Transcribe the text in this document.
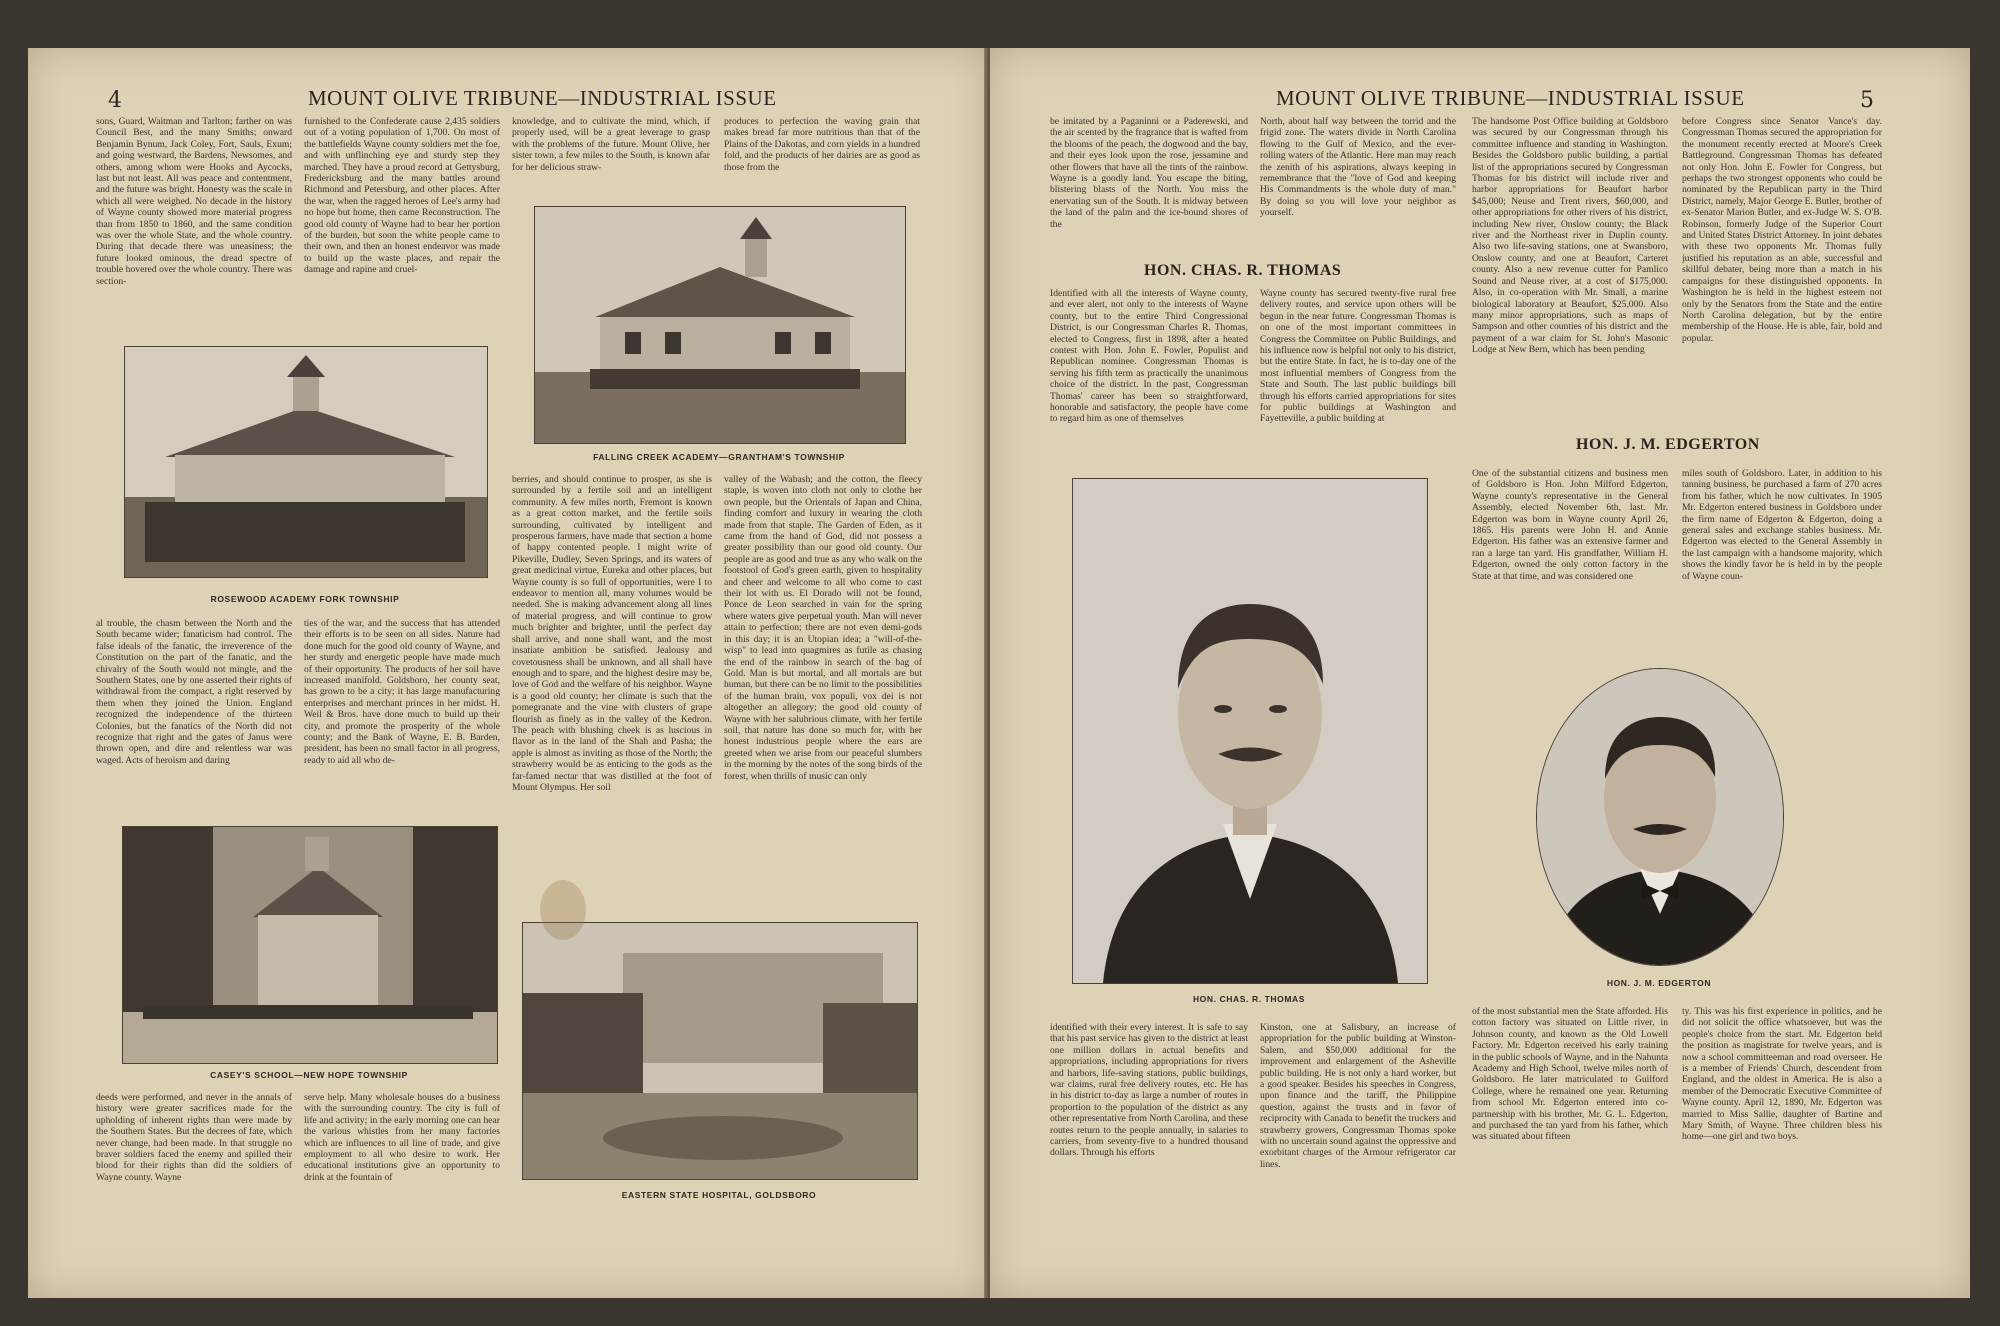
4	MOUNT OLIVE TRIBUNE—INDUSTRIAL ISSUE
sons, Guard, Waitman and Tarlton; farther on was Council Best, and the many Smiths; onward Benjamin Bynum, Jack Coley, Fort, Sauls, Exum; and going westward, the Bardens, Newsomes, and others, among whom were Hooks and Aycocks, last but not least. All was peace and contentment, and the future was bright. Honesty was the scale in which all were weighed. No decade in the history of Wayne county showed more material progress than from 1850 to 1860, and the same condition was over the whole State, and the whole country. During that decade there was uneasiness; the future looked ominous, the dread spectre of trouble hovered over the whole country. There was section-
furnished to the Confederate cause 2,435 soldiers out of a voting population of 1,700. On most of the battlefields Wayne county soldiers met the foe, and with unflinching eye and sturdy step they marched. They have a proud record at Gettysburg, Fredericksburg and the many battles around Richmond and Petersburg, and other places. After the war, when the ragged heroes of Lee's army had no hope but home, then came Reconstruction. The good old county of Wayne had to bear her portion of the burden, but soon the white people came to their own, and then an honest endeavor was made to build up the waste places, and repair the damage and rapine and cruel-
knowledge, and to cultivate the mind, which, if properly used, will be a great leverage to grasp with the problems of the future. Mount Olive, her sister town, a few miles to the South, is known afar for her delicious straw-
produces to perfection the waving grain that makes bread far more nutritious than that of the Plains of the Dakotas, and corn yields in a hundred fold, and the products of her dairies are as good as those from the
FALLING CREEK ACADEMY—GRANTHAM'S TOWNSHIP
ROSEWOOD ACADEMY FORK TOWNSHIP
al trouble, the chasm between the North and the South became wider; fanaticism had control. The false ideals of the fanatic, the irreverence of the Constitution on the part of the fanatic, and the chivalry of the South would not mingle, and the Southern States, one by one asserted their rights of withdrawal from the compact, a right reserved by them when they joined the Union. England recognized the independence of the thirteen Colonies, but the fanatics of the North did not recognize that right and the gates of Janus were thrown open, and dire and relentless war was waged. Acts of heroism and daring
ties of the war, and the success that has attended their efforts is to be seen on all sides. Nature had done much for the good old county of Wayne, and her sturdy and energetic people have made much of their opportunity. The products of her soil have increased manifold. Goldsboro, her county seat, has grown to be a city; it has large manufacturing enterprises and merchant princes in her midst. H. Weil & Bros. have done much to build up their city, and promote the prosperity of the whole county; and the Bank of Wayne, E. B. Barden, president, has been no small factor in all progress, ready to aid all who de-
berries, and should continue to prosper, as she is surrounded by a fertile soil and an intelligent community. A few miles north, Fremont is known as a great cotton market, and the fertile soils surrounding, cultivated by intelligent and prosperous farmers, have made that section a home of happy contented people. I might write of Pikeville, Dudley, Seven Springs, and its waters of great medicinal virtue, Eureka and other places, but Wayne county is so full of opportunities, were I to endeavor to mention all, many volumes would be needed. She is making advancement along all lines of material progress, and will continue to grow much brighter and brighter, until the perfect day shall arrive, and none shall want, and the most insatiate ambition be satisfied. Jealousy and covetousness shall be unknown, and all shall have enough and to spare, and the highest desire may be, love of God and the welfare of his neighbor. Wayne is a good old county; her climate is such that the pomegranate and the vine with clusters of grape flourish as finely as in the valley of the Kedron. The peach with blushing cheek is as luscious in flavor as in the land of the Shah and Pasha; the apple is almost as inviting as those of the North; the strawberry would be as enticing to the gods as the far-famed nectar that was distilled at the foot of Mount Olympus. Her soil
valley of the Wabash; and the cotton, the fleecy staple, is woven into cloth not only to clothe her own people, but the Orientals of Japan and China, finding comfort and luxury in wearing the cloth made from that staple. The Garden of Eden, as it came from the hand of God, did not possess a greater possibility than our good old county. Our people are as good and true as any who walk on the footstool of God's green earth, given to hospitality and cheer and welcome to all who come to cast their lot with us. El Dorado will not be found, Ponce de Leon searched in vain for the spring where waters give perpetual youth. Man will never attain to perfection; there are not even demi-gods in this day; it is an Utopian idea; a "will-of-the-wisp" to lead into quagmires as futile as chasing the end of the rainbow in search of the bag of Gold. Man is but mortal, and all mortals are but human, but there can be no limit to the possibilities of the human brain, vox populi, vox dei is not altogether an allegory; the good old county of Wayne with her salubrious climate, with her fertile soil, that nature has done so much for, with her honest industrious people where the ears are greeted when we arise from our peaceful slumbers in the morning by the notes of the song birds of the forest, when thrills of music can only
CASEY'S SCHOOL—NEW HOPE TOWNSHIP
EASTERN STATE HOSPITAL, GOLDSBORO
deeds were performed, and never in the annals of history were greater sacrifices made for the upholding of inherent rights than were made by the Southern States. But the decrees of fate, which never change, had been made. In that struggle no braver soldiers faced the enemy and spilled their blood for their rights than did the soldiers of Wayne county. Wayne
serve help. Many wholesale houses do a business with the surrounding country. The city is full of life and activity; in the early morning one can hear the various whistles from her many factories which are influences to all line of trade, and give employment to all who desire to work. Her educational institutions give an opportunity to drink at the fountain of
MOUNT OLIVE TRIBUNE—INDUSTRIAL ISSUE	5
be imitated by a Paganinni or a Paderewski, and the air scented by the fragrance that is wafted from the blooms of the peach, the dogwood and the bay, and their eyes look upon the rose, jessamine and other flowers that have all the tints of the rainbow. Wayne is a goodly land. You escape the biting, blistering blasts of the North. You miss the enervating sun of the South. It is midway between the land of the palm and the ice-bound shores of the
North, about half way between the torrid and the frigid zone. The waters divide in North Carolina flowing to the Gulf of Mexico, and the ever-rolling waters of the Atlantic. Here man may reach the zenith of his aspirations, always keeping in remembrance that the "love of God and keeping His Commandments is the whole duty of man." By doing so you will love your neighbor as yourself.
The handsome Post Office building at Goldsboro was secured by our Congressman through his committee influence and standing in Washington. Besides the Goldsboro public building, a partial list of the appropriations secured by Congressman Thomas for his district will include river and harbor appropriations for Beaufort harbor $45,000; Neuse and Trent rivers, $60,000, and other appropriations for other rivers of his district, including New river, Onslow county; the Black river and the Northeast river in Duplin county. Also two life-saving stations, one at Swansboro, Onslow county, and one at Beaufort, Carteret county. Also a new revenue cutter for Pamlico Sound and Neuse river, at a cost of $175,000. Also, in co-operation with Mr. Small, a marine biological laboratory at Beaufort, $25,000. Also many minor appropriations, such as maps of Sampson and other counties of his district and the payment of a war claim for St. John's Masonic Lodge at New Bern, which has been pending
before Congress since Senator Vance's day. Congressman Thomas secured the appropriation for the monument recently erected at Moore's Creek Battleground. Congressman Thomas has defeated not only Hon. John E. Fowler for Congress, but perhaps the two strongest opponents who could be nominated by the Republican party in the Third District, namely, Major George E. Butler, brother of ex-Senator Marion Butler, and ex-Judge W. S. O'B. Robinson, formerly Judge of the Superior Court and United States District Attorney. In joint debates with these two opponents Mr. Thomas fully justified his reputation as an able, successful and skillful debater, being more than a match in his campaigns for these distinguished opponents. In Washington he is held in the highest esteem not only by the Senators from the State and the entire North Carolina delegation, but by the entire membership of the House. He is able, fair, bold and popular.
HON. CHAS. R. THOMAS
Identified with all the interests of Wayne county, and ever alert, not only to the interests of Wayne county, but to the entire Third Congressional District, is our Congressman Charles R. Thomas, elected to Congress, first in 1898, after a heated contest with Hon. John E. Fowler, Populist and Republican nominee. Congressman Thomas is serving his fifth term as practically the unanimous choice of the district. In the past, Congressman Thomas' career has been so straightforward, honorable and satisfactory, the people have come to regard him as one of themselves
Wayne county has secured twenty-five rural free delivery routes, and service upon others will be begun in the near future. Congressman Thomas is on one of the most important committees in Congress the Committee on Public Buildings, and his influence now is helpful not only to his district, but the entire State. In fact, he is to-day one of the most influential members of Congress from the State and South. The last public buildings bill through his efforts carried appropriations for sites for public buildings at Washington and Fayetteville, a public building at
HON. J. M. EDGERTON
One of the substantial citizens and business men of Goldsboro is Hon. John Milford Edgerton, Wayne county's representative in the General Assembly, elected November 6th, last. Mr. Edgerton was born in Wayne county April 26, 1865. His parents were John H. and Annie Edgerton. His father was an extensive farmer and ran a large tan yard. His grandfather, William H. Edgerton, owned the only cotton factory in the State at that time, and was considered one
miles south of Goldsboro. Later, in addition to his tanning business, he purchased a farm of 270 acres from his father, which he now cultivates. In 1905 Mr. Edgerton entered business in Goldsboro under the firm name of Edgerton & Edgerton, doing a general sales and exchange stables business. Mr. Edgerton was elected to the General Assembly in the last campaign with a handsome majority, which shows the kindly favor he is held in by the people of Wayne coun-
HON. CHAS. R. THOMAS
HON. J. M. EDGERTON
identified with their every interest. It is safe to say that his past service has given to the district at least one million dollars in actual benefits and appropriations, including appropriations for rivers and harbors, life-saving stations, public buildings, war claims, rural free delivery routes, etc. He has in his district to-day as large a number of routes in proportion to the population of the district as any other representative from North Carolina, and these routes return to the people annually, in salaries to carriers, from seventy-five to a hundred thousand dollars. Through his efforts
Kinston, one at Salisbury, an increase of appropriation for the public building at Winston-Salem, and $50,000 additional for the improvement and enlargement of the Asheville public building. He is not only a hard worker, but a good speaker. Besides his speeches in Congress, upon finance and the tariff, the Philippine question, against the trusts and in favor of reciprocity with Canada to benefit the truckers and strawberry growers, Congressman Thomas spoke with no uncertain sound against the oppressive and exorbitant charges of the Armour refrigerator car lines.
of the most substantial men the State afforded. His cotton factory was situated on Little river, in Johnson county, and known as the Old Lowell Factory. Mr. Edgerton received his early training in the public schools of Wayne, and in the Nahunta Academy and High School, twelve miles north of Goldsboro. He later matriculated to Guilford College, where he remained one year. Returning from school Mr. Edgerton entered into co-partnership with his brother, Mr. G. L. Edgerton, and purchased the tan yard from his father, which was situated about fifteen
ty. This was his first experience in politics, and he did not solicit the office whatsoever, but was the people's choice from the start. Mr. Edgerton held the position as magistrate for twelve years, and is now a school committeeman and road overseer. He is a member of Friends' Church, descendent from England, and the oldest in America. He is also a member of the Democratic Executive Committee of Wayne county. April 12, 1890, Mr. Edgerton was married to Miss Sallie, daughter of Bartine and Mary Smith, of Wayne. Three children bless his home—one girl and two boys.
